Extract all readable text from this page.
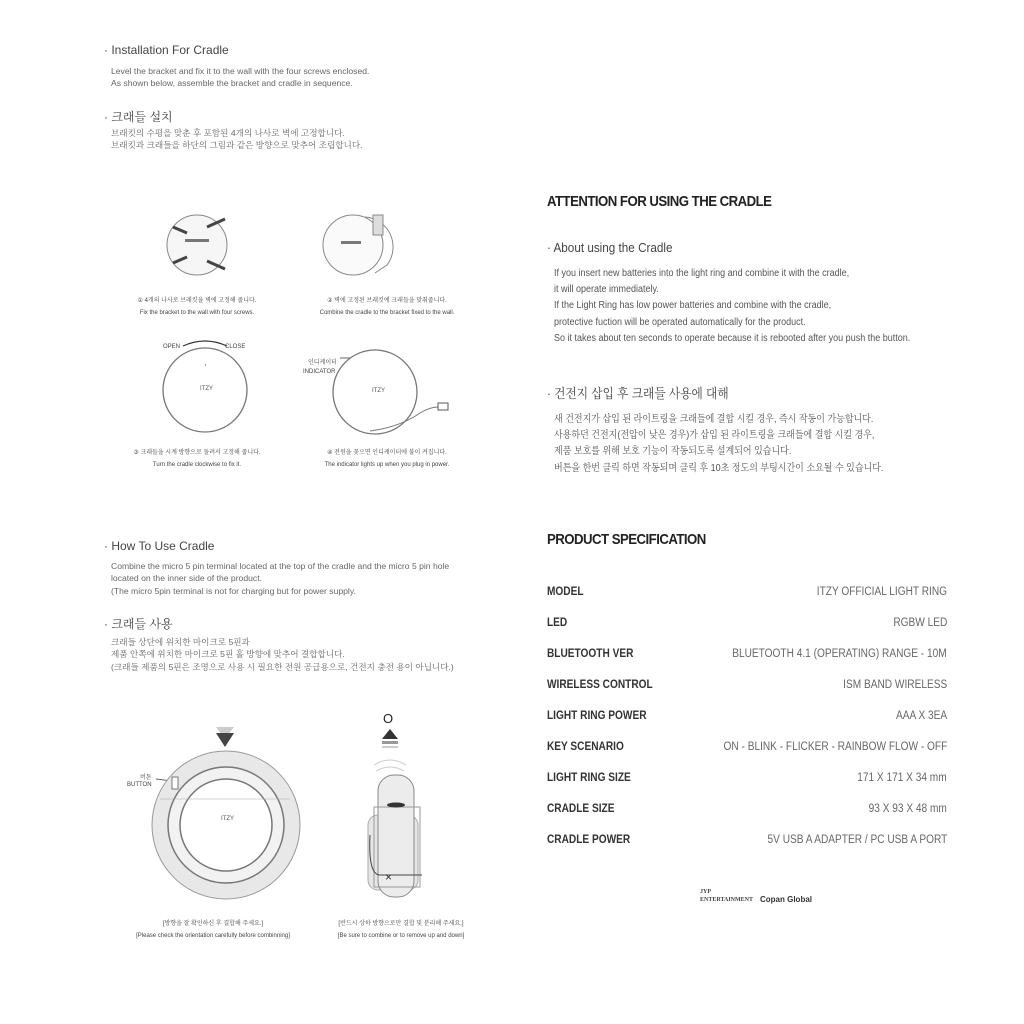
· Installation For Cradle
Level the bracket and fix it to the wall with the four screws enclosed.
As shown below, assemble the bracket and cradle in sequence.
· 크래들 설치
브래킷의 수평을 맞춘 후 포함된 4개의 나사로 벽에 고정합니다.
브래킷과 크래들을 하단의 그림과 같은 방향으로 맞추어 조립합니다.
① 4개의 나사로 브래킷을 벽에 고정해 줍니다.
Fix the bracket to the wall with four screws.
② 벽에 고정된 브래킷에 크래들을 맞춰줍니다.
Combine the cradle to the bracket fixed to the wall.
OPEN	CLOSE
ITZY
인디케이터
INDICATOR
ITZY
③ 크래들을 시계 방향으로 돌려서 고정해 줍니다.
Turn the cradle clockwise to fix it.
④ 전원을 꽂으면 인디케이터에 불이 켜집니다.
The indicator lights up when you plug in power.
· How To Use Cradle
Combine the micro 5 pin terminal located at the top of the cradle and the micro 5 pin hole
located on the inner side of the product.
(The micro 5pin terminal is not for charging but for power supply.
· 크래들 사용
크래들 상단에 위치한 마이크로 5핀과
제품 안쪽에 위치한 마이크로 5핀 홀 방향에 맞추어 결합합니다.
(크래들 제품의 5핀은 조명으로 사용 시 필요한 전원 공급용으로, 건전지 충전 용이 아닙니다.)
버튼
BUTTON
ITZY
O
×
[방향을 잘 확인하신 후 결합해 주세요.]
[Please check the orientation carefully before combinning]
[반드시 상하 방향으로만 결합 및 분리해 주세요.]
[Be sure to combine or to remove up and down]
ATTENTION FOR USING THE CRADLE
· About using the Cradle
If you insert new batteries into the light ring and combine it with the cradle,
it will operate immediately.
If the Light Ring has low power batteries and combine with the cradle,
protective fuction will be operated automatically for the product.
So it takes about ten seconds to operate because it is rebooted after you push the button.
· 건전지 삽입 후 크래들 사용에 대해
새 건전지가 삽입 된 라이트링을 크래들에 결합 시킬 경우, 즉시 작동이 가능합니다.
사용하던 건전지(전압이 낮은 경우)가 삽입 된 라이트링을 크래들에 결합 시킬 경우,
제품 보호를 위해 보호 기능이 작동되도록 설계되어 있습니다.
버튼을 한번 클릭 하면 작동되며 클릭 후 10초 정도의 부팅시간이 소요될 수 있습니다.
PRODUCT SPECIFICATION
MODEL	ITZY OFFICIAL LIGHT RING
LED	RGBW LED
BLUETOOTH VER	BLUETOOTH 4.1 (OPERATING) RANGE - 10M
WIRELESS CONTROL	ISM BAND WIRELESS
LIGHT RING POWER	AAA X 3EA
KEY SCENARIO	ON - BLINK - FLICKER - RAINBOW FLOW - OFF
LIGHT RING SIZE	171 X 171 X 34 mm
CRADLE SIZE	93 X 93 X 48 mm
CRADLE POWER	5V USB A ADAPTER / PC USB A PORT
JYP ENTERTAINMENT Copan Global
